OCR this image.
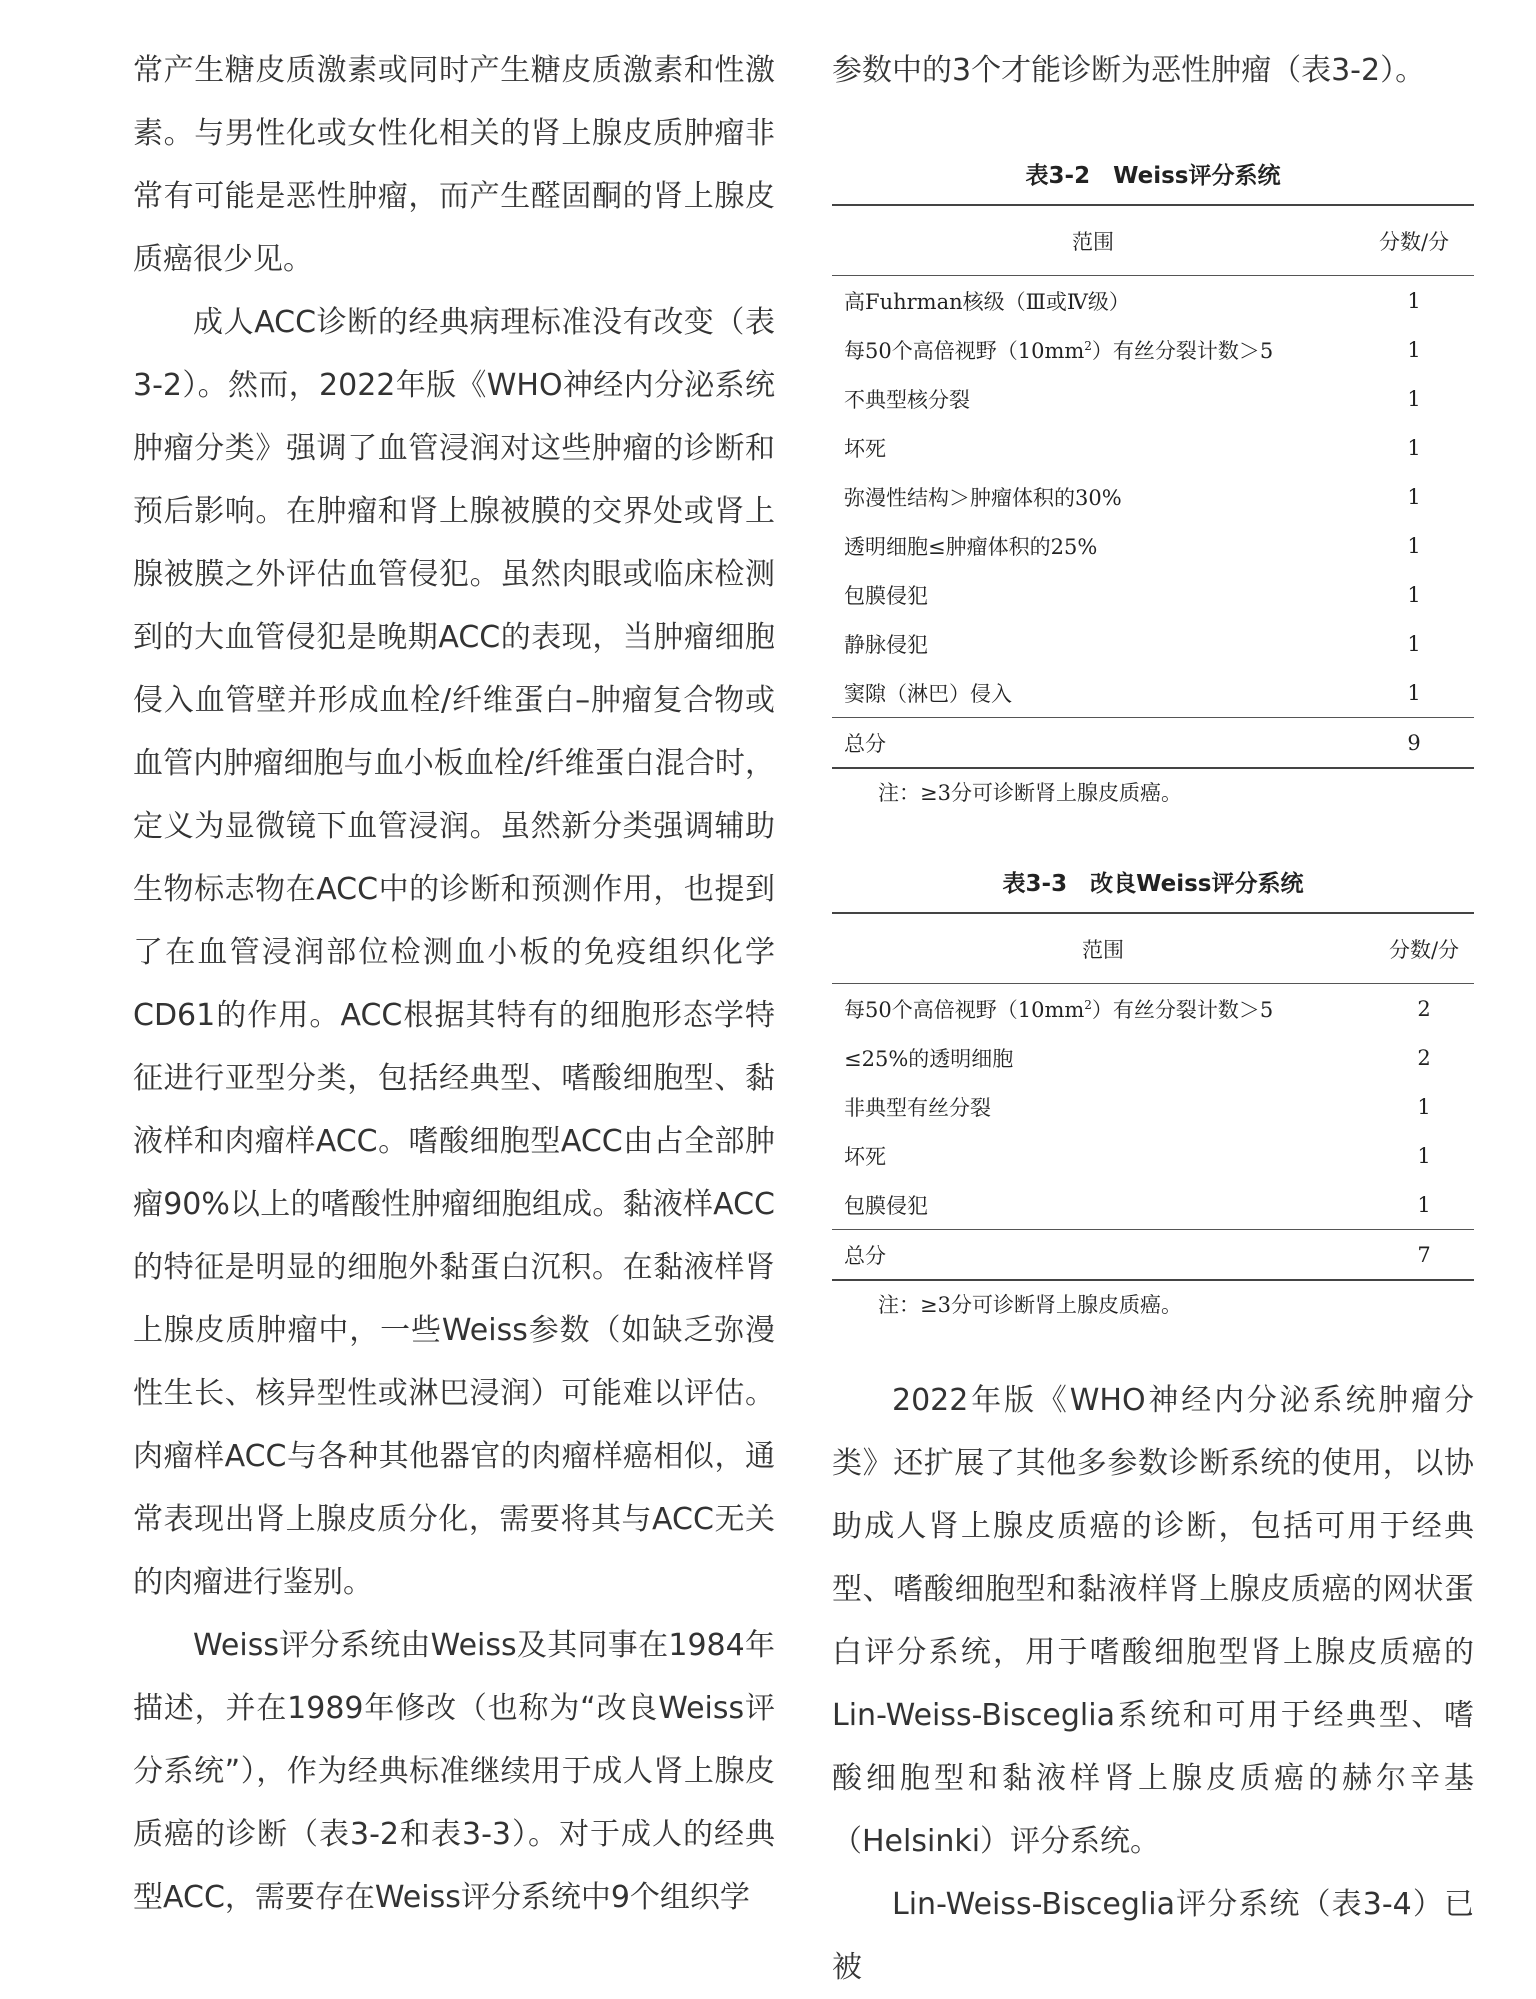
常产生糖皮质激素或同时产生糖皮质激素和性激素。与男性化或女性化相关的肾上腺皮质肿瘤非常有可能是恶性肿瘤，而产生醛固酮的肾上腺皮质癌很少见。

成人ACC诊断的经典病理标准没有改变（表3-2）。然而，2022年版《WHO神经内分泌系统肿瘤分类》强调了血管浸润对这些肿瘤的诊断和预后影响。在肿瘤和肾上腺被膜的交界处或肾上腺被膜之外评估血管侵犯。虽然肉眼或临床检测到的大血管侵犯是晚期ACC的表现，当肿瘤细胞侵入血管壁并形成血栓/纤维蛋白–肿瘤复合物或血管内肿瘤细胞与血小板血栓/纤维蛋白混合时，定义为显微镜下血管浸润。虽然新分类强调辅助生物标志物在ACC中的诊断和预测作用，也提到了在血管浸润部位检测血小板的免疫组织化学CD61的作用。ACC根据其特有的细胞形态学特征进行亚型分类，包括经典型、嗜酸细胞型、黏液样和肉瘤样ACC。嗜酸细胞型ACC由占全部肿瘤90%以上的嗜酸性肿瘤细胞组成。黏液样ACC的特征是明显的细胞外黏蛋白沉积。在黏液样肾上腺皮质肿瘤中，一些Weiss参数（如缺乏弥漫性生长、核异型性或淋巴浸润）可能难以评估。肉瘤样ACC与各种其他器官的肉瘤样癌相似，通常表现出肾上腺皮质分化，需要将其与ACC无关的肉瘤进行鉴别。

Weiss评分系统由Weiss及其同事在1984年描述，并在1989年修改（也称为“改良Weiss评分系统”），作为经典标准继续用于成人肾上腺皮质癌的诊断（表3-2和表3-3）。对于成人的经典型ACC，需要存在Weiss评分系统中9个组织学

参数中的3个才能诊断为恶性肿瘤（表3-2）。

表3-2　Weiss评分系统

范围	分数/分
高Fuhrman核级（Ⅲ或Ⅳ级）	1
每50个高倍视野$(10mm^2)$有丝分裂计数＞5	1
不典型核分裂	1
坏死	1
弥漫性结构＞肿瘤体积的30%	1
透明细胞≤肿瘤体积的25%	1
包膜侵犯	1
静脉侵犯	1
窦隙（淋巴）侵入	1
总分	9

注：≥3分可诊断肾上腺皮质癌。

表3-3　改良Weiss评分系统

范围	分数/分
每50个高倍视野$(10mm^2)$有丝分裂计数＞5	2
≤25%的透明细胞	2
非典型有丝分裂	1
坏死	1
包膜侵犯	1
总分	7

注：≥3分可诊断肾上腺皮质癌。

2022年版《WHO神经内分泌系统肿瘤分类》还扩展了其他多参数诊断系统的使用，以协助成人肾上腺皮质癌的诊断，包括可用于经典型、嗜酸细胞型和黏液样肾上腺皮质癌的网状蛋白评分系统，用于嗜酸细胞型肾上腺皮质癌的Lin-Weiss-Bisceglia系统和可用于经典型、嗜酸细胞型和黏液样肾上腺皮质癌的赫尔辛基（Helsinki）评分系统。

Lin-Weiss-Bisceglia评分系统（表3-4）已被
